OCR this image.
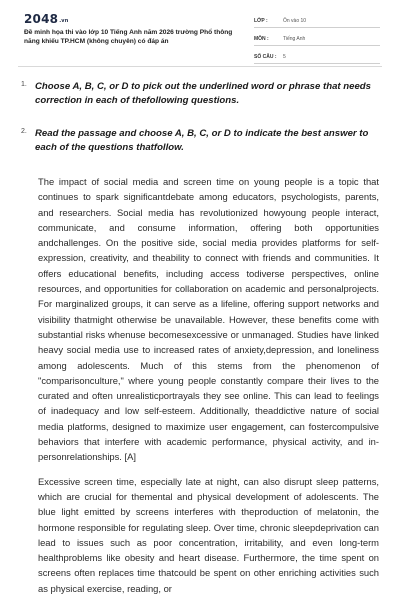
2048.vn
Đề minh họa thi vào lớp 10 Tiếng Anh năm 2026 trường Phổ thông năng khiếu TP.HCM (không chuyên) có đáp án
LỚP :	Ôn vào 10
MÔN :	Tiếng Anh
SỐ CÂU :	5
1. Choose A, B, C, or D to pick out the underlined word or phrase that needs correction in each of thefollowing questions.
2. Read the passage and choose A, B, C, or D to indicate the best answer to each of the questions thatfollow.

The impact of social media and screen time on young people is a topic that continues to spark significantdebate among educators, psychologists, parents, and researchers. Social media has revolutionized howyoung people interact, communicate, and consume information, offering both opportunities andchallenges. On the positive side, social media provides platforms for self-expression, creativity, and theability to connect with friends and communities. It offers educational benefits, including access todiverse perspectives, online resources, and opportunities for collaboration on academic and personalprojects. For marginalized groups, it can serve as a lifeline, offering support networks and visibility thatmight otherwise be unavailable. However, these benefits come with substantial risks whenuse becomesexcessive or unmanaged. Studies have linked heavy social media use to increased rates of anxiety,depression, and loneliness among adolescents. Much of this stems from the phenomenon of "comparisonculture," where young people constantly compare their lives to the curated and often unrealisticportrayals they see online. This can lead to feelings of inadequacy and low self-esteem. Additionally, theaddictive nature of social media platforms, designed to maximize user engagement, can fostercompulsive behaviors that interfere with academic performance, physical activity, and in-personrelationships. [A]

Excessive screen time, especially late at night, can also disrupt sleep patterns, which are crucial for themental and physical development of adolescents. The blue light emitted by screens interferes with theproduction of melatonin, the hormone responsible for regulating sleep. Over time, chronic sleepdeprivation can lead to issues such as poor concentration, irritability, and even long-term healthproblems like obesity and heart disease. Furthermore, the time spent on screens often replaces time thatcould be spent on other enriching activities such as physical exercise, reading, or
